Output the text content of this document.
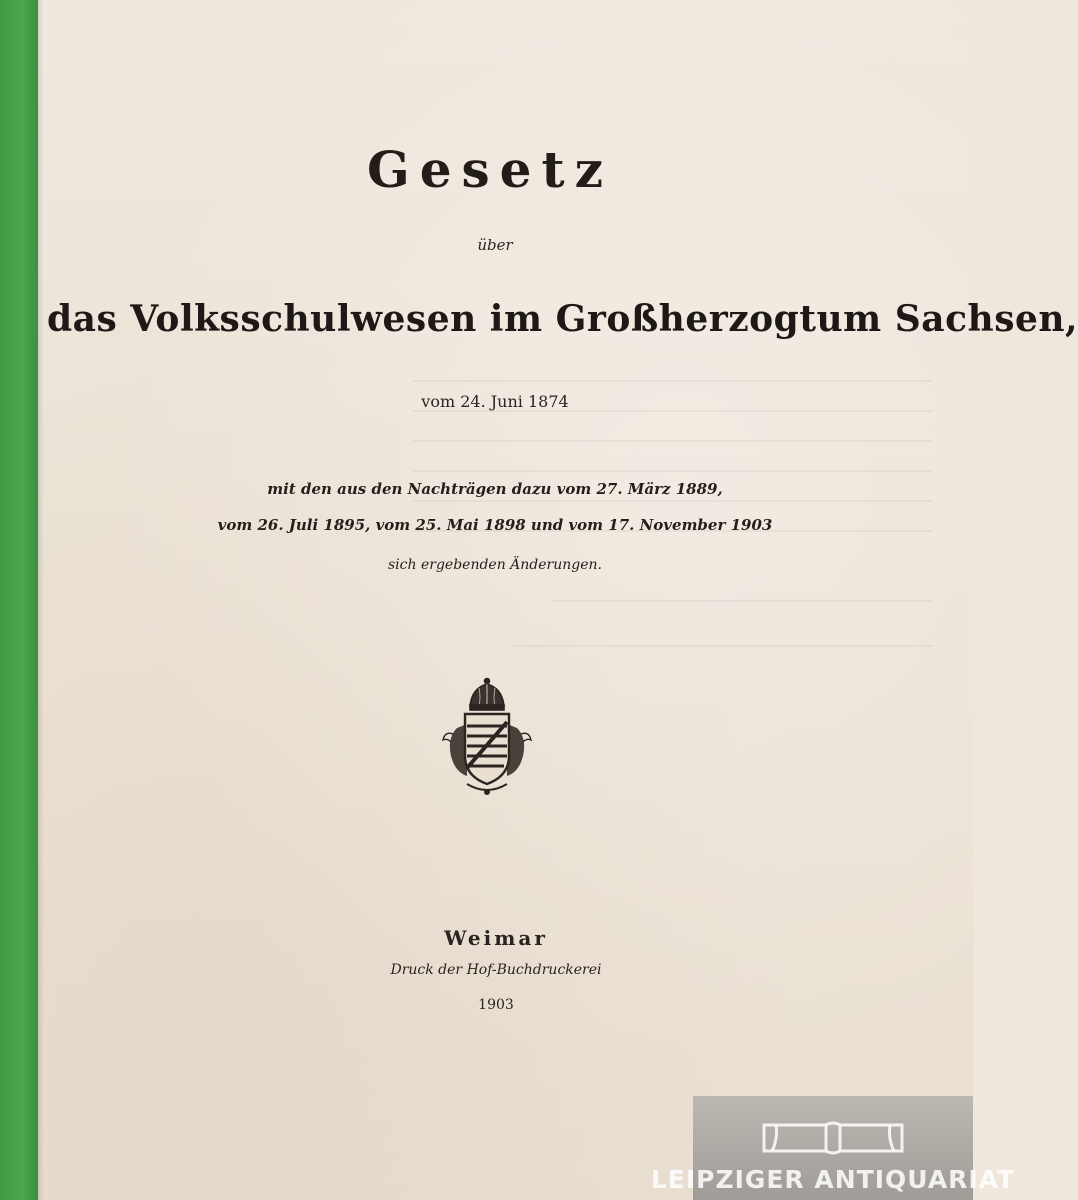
Gesetz
über
das Volksschulwesen im Großherzogtum Sachsen,
vom 24. Juni 1874
mit den aus den Nachträgen dazu vom 27. März 1889,
vom 26. Juli 1895, vom 25. Mai 1898 und vom 17. November 1903
sich ergebenden Änderungen.
Weimar
Druck der Hof-Buchdruckerei
1903
LEIPZIGER ANTIQUARIAT
